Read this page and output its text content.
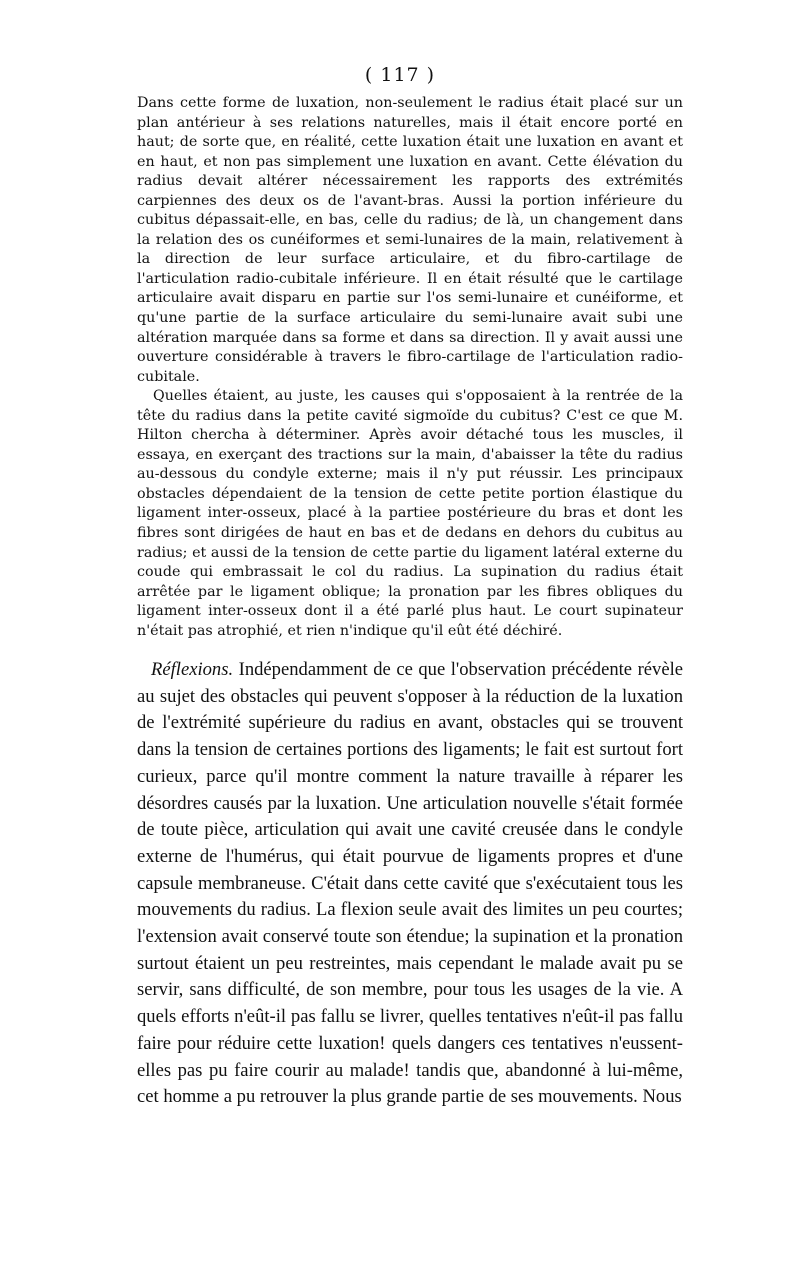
( 117 )

Dans cette forme de luxation, non-seulement le radius était placé sur un plan antérieur à ses relations naturelles, mais il était encore porté en haut; de sorte que, en réalité, cette luxation était une luxation en avant et en haut, et non pas simplement une luxation en avant. Cette élévation du radius devait altérer nécessairement les rapports des extrémités carpiennes des deux os de l'avant-bras. Aussi la portion inférieure du cubitus dépassait-elle, en bas, celle du radius; de là, un changement dans la relation des os cunéiformes et semi-lunaires de la main, relativement à la direction de leur surface articulaire, et du fibro-cartilage de l'articulation radio-cubitale inférieure. Il en était résulté que le cartilage articulaire avait disparu en partie sur l'os semi-lunaire et cunéiforme, et qu'une partie de la surface articulaire du semi-lunaire avait subi une altération marquée dans sa forme et dans sa direction. Il y avait aussi une ouverture considérable à travers le fibro-cartilage de l'articulation radio-cubitale.

Quelles étaient, au juste, les causes qui s'opposaient à la rentrée de la tête du radius dans la petite cavité sigmoïde du cubitus? C'est ce que M. Hilton chercha à déterminer. Après avoir détaché tous les muscles, il essaya, en exerçant des tractions sur la main, d'abaisser la tête du radius au-dessous du condyle externe; mais il n'y put réussir. Les principaux obstacles dépendaient de la tension de cette petite portion élastique du ligament inter-osseux, placé à la partiee postérieure du bras et dont les fibres sont dirigées de haut en bas et de dedans en dehors du cubitus au radius; et aussi de la tension de cette partie du ligament latéral externe du coude qui embrassait le col du radius. La supination du radius était arrêtée par le ligament oblique; la pronation par les fibres obliques du ligament inter-osseux dont il a été parlé plus haut. Le court supinateur n'était pas atrophié, et rien n'indique qu'il eût été déchiré.

Réflexions. Indépendamment de ce que l'observation précédente révèle au sujet des obstacles qui peuvent s'opposer à la réduction de la luxation de l'extrémité supérieure du radius en avant, obstacles qui se trouvent dans la tension de certaines portions des ligaments; le fait est surtout fort curieux, parce qu'il montre comment la nature travaille à réparer les désordres causés par la luxation. Une articulation nouvelle s'était formée de toute pièce, articulation qui avait une cavité creusée dans le condyle externe de l'humérus, qui était pourvue de ligaments propres et d'une capsule membraneuse. C'était dans cette cavité que s'exécutaient tous les mouvements du radius. La flexion seule avait des limites un peu courtes; l'extension avait conservé toute son étendue; la supination et la pronation surtout étaient un peu restreintes, mais cependant le malade avait pu se servir, sans difficulté, de son membre, pour tous les usages de la vie. A quels efforts n'eût-il pas fallu se livrer, quelles tentatives n'eût-il pas fallu faire pour réduire cette luxation! quels dangers ces tentatives n'eussent-elles pas pu faire courir au malade! tandis que, abandonné à lui-même, cet homme a pu retrouver la plus grande partie de ses mouvements. Nous
